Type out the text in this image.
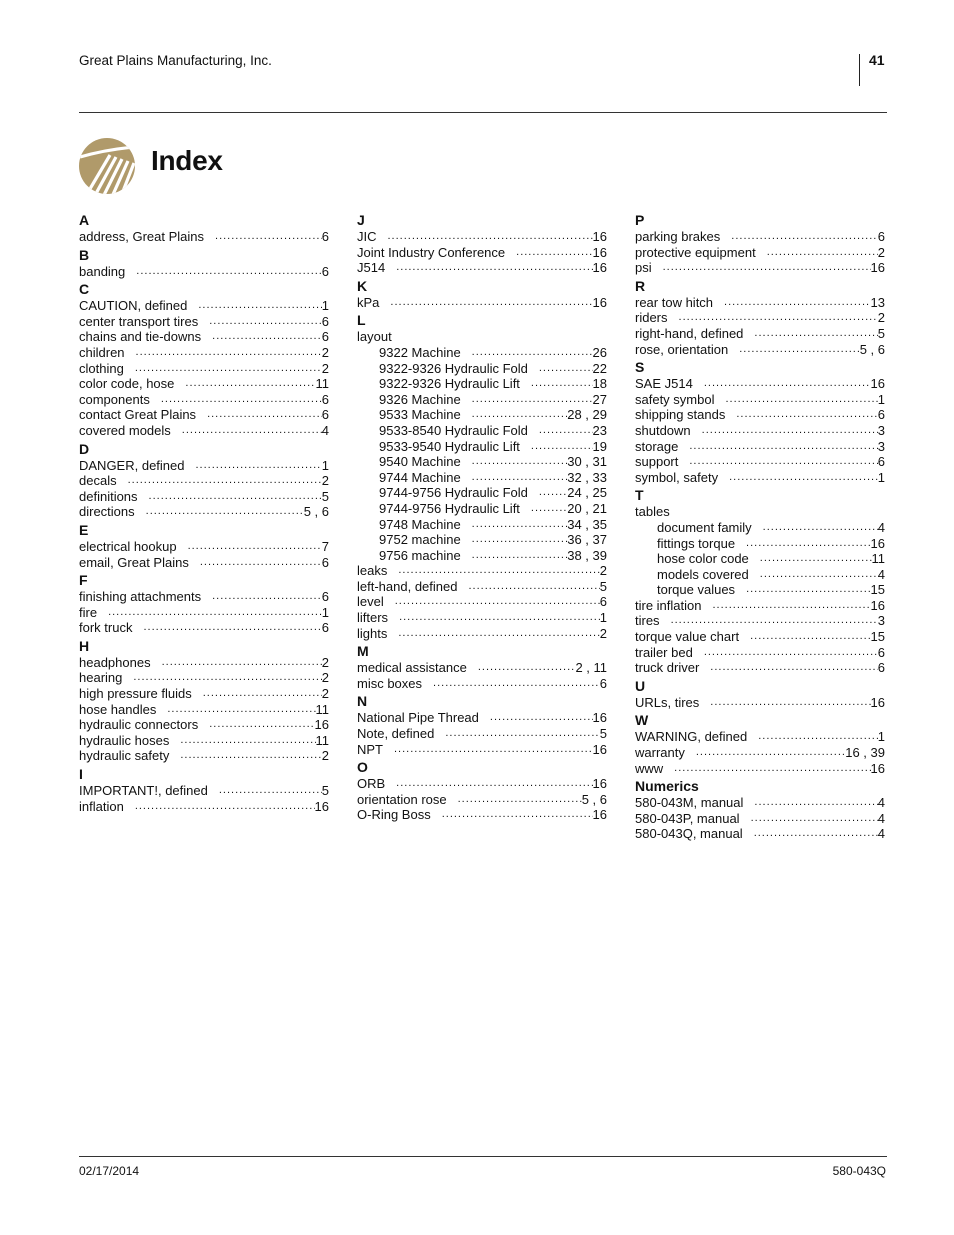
Great Plains Manufacturing, Inc.	41
Index
A
address, Great Plains .....	6
B
banding .....	6
C
CAUTION, defined .....	1
center transport tires .....	6
chains and tie-downs .....	6
children .....	2
clothing .....	2
color code, hose .....	11
components .....	6
contact Great Plains .....	6
covered models .....	4
D
DANGER, defined .....	1
decals .....	2
definitions .....	5
directions .....	5 , 6
E
electrical hookup .....	7
email, Great Plains .....	6
F
finishing attachments .....	6
fire .....	1
fork truck .....	6
H
headphones .....	2
hearing .....	2
high pressure fluids .....	2
hose handles .....	11
hydraulic connectors .....	16
hydraulic hoses .....	11
hydraulic safety .....	2
I
IMPORTANT!, defined .....	5
inflation .....	16
J
JIC .....	16
Joint Industry Conference .....	16
J514 .....	16
K
kPa .....	16
L
layout
9322 Machine .....	26
9322-9326 Hydraulic Fold .....	22
9322-9326 Hydraulic Lift .....	18
9326 Machine .....	27
9533 Machine .....	28 , 29
9533-8540 Hydraulic Fold .....	23
9533-9540 Hydraulic Lift .....	19
9540 Machine .....	30 , 31
9744 Machine .....	32 , 33
9744-9756 Hydraulic Fold .....	24 , 25
9744-9756 Hydraulic Lift .....	20 , 21
9748 Machine .....	34 , 35
9752 machine .....	36 , 37
9756 machine .....	38 , 39
leaks .....	2
left-hand, defined .....	5
level .....	6
lifters .....	1
lights .....	2
M
medical assistance .....	2 , 11
misc boxes .....	6
N
National Pipe Thread .....	16
Note, defined .....	5
NPT .....	16
O
ORB .....	16
orientation rose .....	5 , 6
O-Ring Boss .....	16
P
parking brakes .....	6
protective equipment .....	2
psi .....	16
R
rear tow hitch .....	13
riders .....	2
right-hand, defined .....	5
rose, orientation .....	5 , 6
S
SAE J514 .....	16
safety symbol .....	1
shipping stands .....	6
shutdown .....	3
storage .....	3
support .....	6
symbol, safety .....	1
T
tables
document family .....	4
fittings torque .....	16
hose color code .....	11
models covered .....	4
torque values .....	15
tire inflation .....	16
tires .....	3
torque value chart .....	15
trailer bed .....	6
truck driver .....	6
U
URLs, tires .....	16
W
WARNING, defined .....	1
warranty .....	16 , 39
www .....	16
Numerics
580-043M, manual .....	4
580-043P, manual .....	4
580-043Q, manual .....	4
02/17/2014	580-043Q
